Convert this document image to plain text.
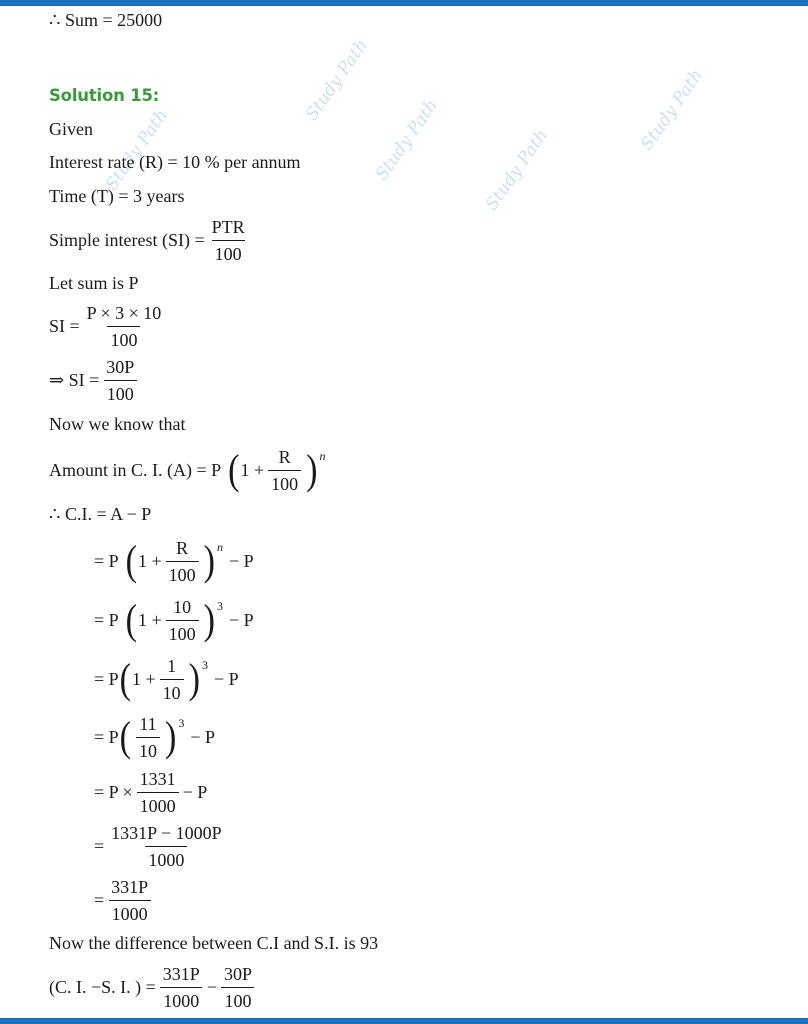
Study Path
Study Path
Study Path	Study Path
Study Path
∴ Sum = 25000
Solution 15:
Given
Interest rate (R) = 10 % per annum
Time (T) = 3 years
Simple interest $(SI) = \frac{\text{PTR}}{100}$
Let sum is P
SI = $\frac{P \times 3 \times 10}{100}$
⇒ SI = $\frac{30P}{100}$
Now we know that
Amount in C. I. (A) = P ( $1 + \frac{R}{100} )^n$
∴ C.I. = A − P
= P ( $1 + \frac{R}{100} )^n$
− P
= P ( $1 + \frac{10}{100} )^3$
− P
= P ( $1 + \frac{1}{10} )^3$
− P
= P ( $\frac{11}{10} )^3$
− P
= $P \times \frac{1331}{1000} - P$
= $\frac{1331P - 1000P}{1000}$
= $\frac{331P}{1000}$
Now the difference between C.I and S.I. is 93
(C. I. −S. I. ) = $\frac{331P}{1000} - \frac{30P}{100}$
